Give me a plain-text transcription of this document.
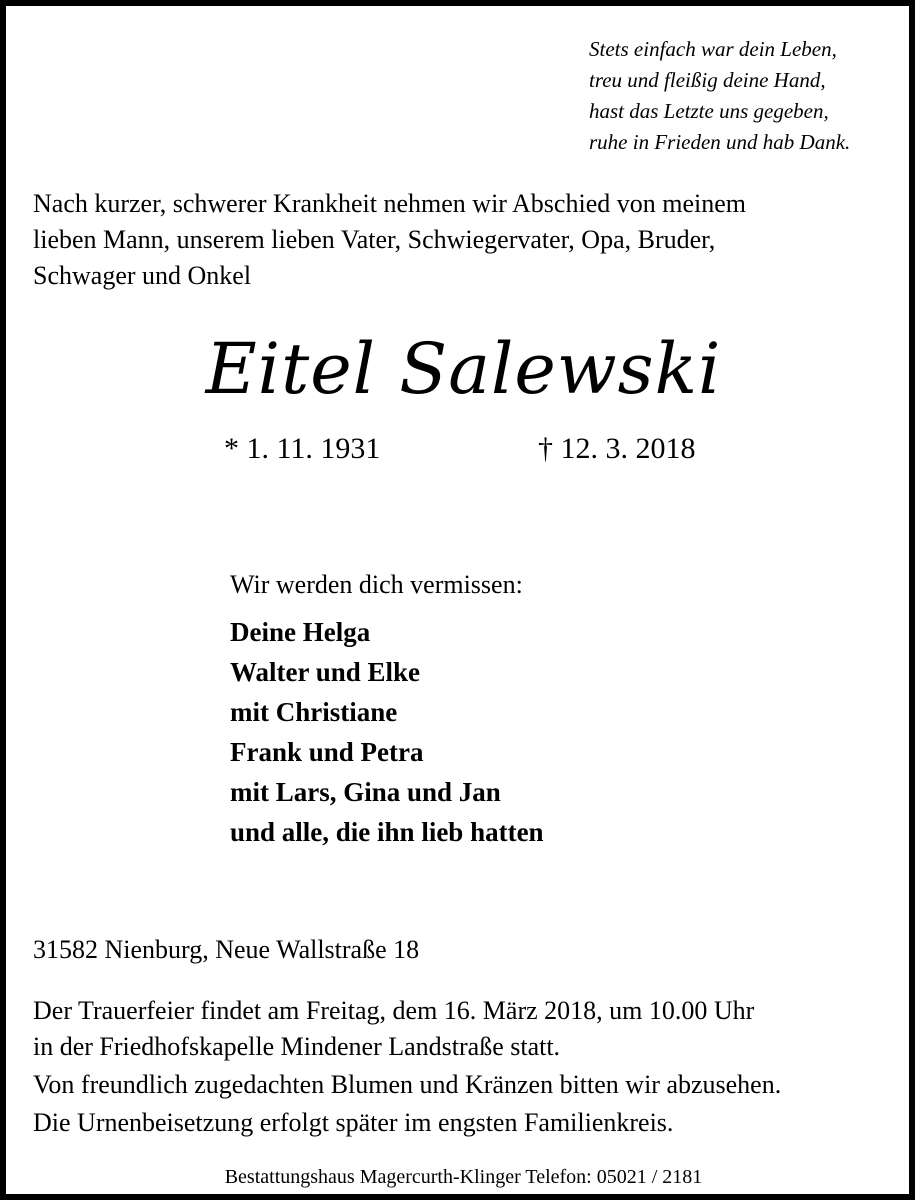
Stets einfach war dein Leben,
treu und fleißig deine Hand,
hast das Letzte uns gegeben,
ruhe in Frieden und hab Dank.
Nach kurzer, schwerer Krankheit nehmen wir Abschied von meinem
lieben Mann, unserem lieben Vater, Schwiegervater, Opa, Bruder,
Schwager und Onkel
Eitel Salewski
* 1. 11. 1931	† 12. 3. 2018
Wir werden dich vermissen:
Deine Helga
Walter und Elke
mit Christiane
Frank und Petra
mit Lars, Gina und Jan
und alle, die ihn lieb hatten
31582 Nienburg, Neue Wallstraße 18
Der Trauerfeier findet am Freitag, dem 16. März 2018, um 10.00 Uhr
in der Friedhofskapelle Mindener Landstraße statt.
Von freundlich zugedachten Blumen und Kränzen bitten wir abzusehen.
Die Urnenbeisetzung erfolgt später im engsten Familienkreis.
Bestattungshaus Magercurth-Klinger Telefon: 05021 / 2181
